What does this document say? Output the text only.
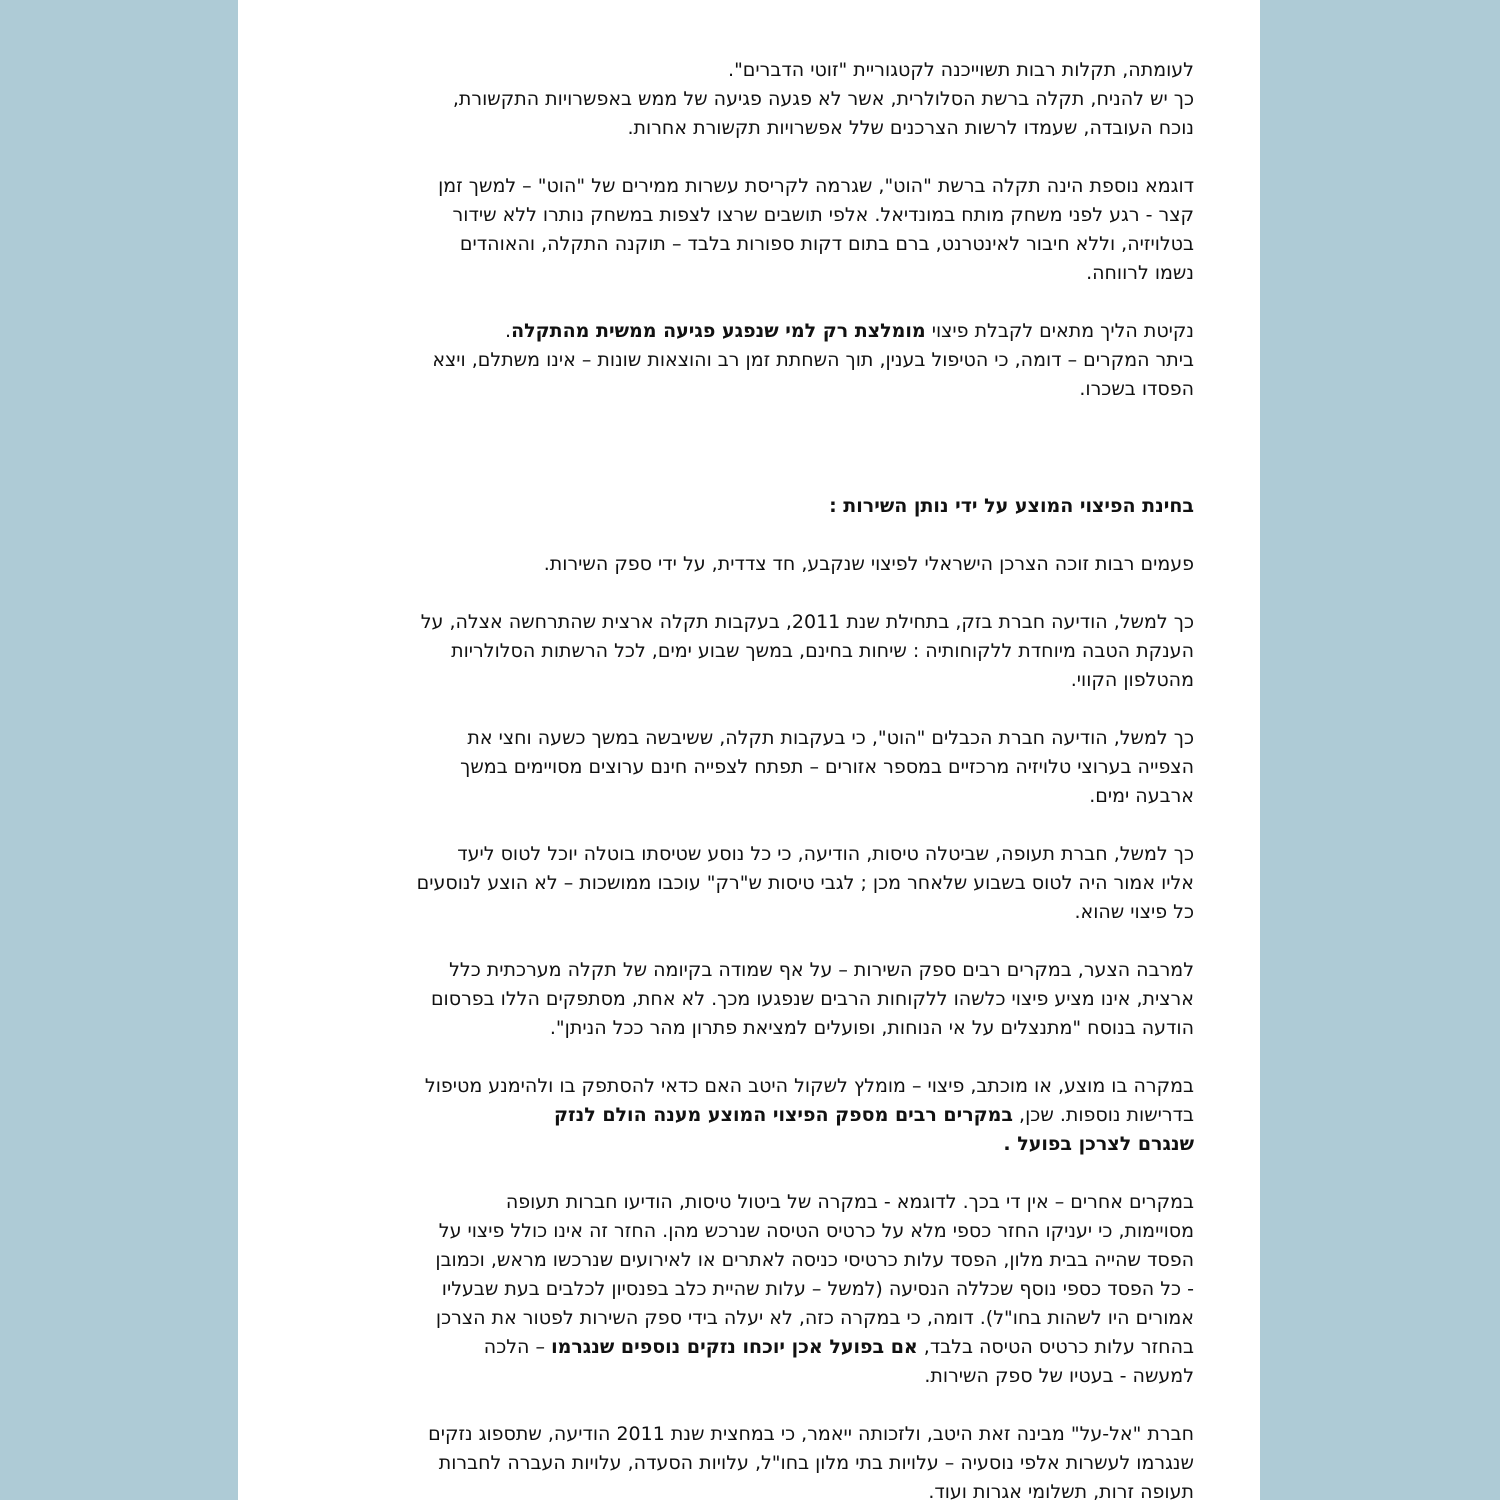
לעומתה, תקלות רבות תשוייכנה לקטגוריית "זוטי הדברים".
כך יש להניח, תקלה ברשת הסלולרית, אשר לא פגעה פגיעה של ממש באפשרויות התקשורת,
נוכח העובדה, שעמדו לרשות הצרכנים שלל אפשרויות תקשורת אחרות.

דוגמא נוספת הינה תקלה ברשת "הוט", שגרמה לקריסת עשרות ממירים של "הוט" – למשך זמן
קצר - רגע לפני משחק מותח במונדיאל. אלפי תושבים שרצו לצפות במשחק נותרו ללא שידור
בטלויזיה, וללא חיבור לאינטרנט, ברם בתום דקות ספורות בלבד – תוקנה התקלה, והאוהדים
נשמו לרווחה.

נקיטת הליך מתאים לקבלת פיצוי מומלצת רק למי שנפגע פגיעה ממשית מהתקלה.
ביתר המקרים – דומה, כי הטיפול בענין, תוך השחתת זמן רב והוצאות שונות – אינו משתלם, ויצא
הפסדו בשכרו.

בחינת הפיצוי המוצע על ידי נותן השירות :

פעמים רבות זוכה הצרכן הישראלי לפיצוי שנקבע, חד צדדית, על ידי ספק השירות.

כך למשל, הודיעה חברת בזק, בתחילת שנת 2011, בעקבות תקלה ארצית שהתרחשה אצלה, על
הענקת הטבה מיוחדת ללקוחותיה : שיחות בחינם, במשך שבוע ימים, לכל הרשתות הסלולריות
מהטלפון הקווי.

כך למשל, הודיעה חברת הכבלים "הוט", כי בעקבות תקלה, ששיבשה במשך כשעה וחצי את
הצפייה בערוצי טלויזיה מרכזיים במספר אזורים – תפתח לצפייה חינם ערוצים מסויימים במשך
ארבעה ימים.

כך למשל, חברת תעופה, שביטלה טיסות, הודיעה, כי כל נוסע שטיסתו בוטלה יוכל לטוס ליעד
אליו אמור היה לטוס בשבוע שלאחר מכן ; לגבי טיסות ש"רק" עוכבו ממושכות – לא הוצע לנוסעים
כל פיצוי שהוא.

למרבה הצער, במקרים רבים ספק השירות – על אף שמודה בקיומה של תקלה מערכתית כלל
ארצית, אינו מציע פיצוי כלשהו ללקוחות הרבים שנפגעו מכך. לא אחת, מסתפקים הללו בפרסום
הודעה בנוסח "מתנצלים על אי הנוחות, ופועלים למציאת פתרון מהר ככל הניתן".

במקרה בו מוצע, או מוכתב, פיצוי – מומלץ לשקול היטב האם כדאי להסתפק בו ולהימנע מטיפול
בדרישות נוספות. שכן, במקרים רבים מספק הפיצוי המוצע מענה הולם לנזק
שנגרם לצרכן בפועל .

במקרים אחרים – אין די בכך. לדוגמא - במקרה של ביטול טיסות, הודיעו חברות תעופה
מסויימות, כי יעניקו החזר כספי מלא על כרטיס הטיסה שנרכש מהן. החזר זה אינו כולל פיצוי על
הפסד שהייה בבית מלון, הפסד עלות כרטיסי כניסה לאתרים או לאירועים שנרכשו מראש, וכמובן
- כל הפסד כספי נוסף שכללה הנסיעה (למשל – עלות שהיית כלב בפנסיון לכלבים בעת שבעליו
אמורים היו לשהות בחו"ל). דומה, כי במקרה כזה, לא יעלה בידי ספק השירות לפטור את הצרכן
בהחזר עלות כרטיס הטיסה בלבד, אם בפועל אכן יוכחו נזקים נוספים שנגרמו – הלכה
למעשה - בעטיו של ספק השירות.

חברת "אל-על" מבינה זאת היטב, ולזכותה ייאמר, כי במחצית שנת 2011 הודיעה, שתספוג נזקים
שנגרמו לעשרות אלפי נוסעיה – עלויות בתי מלון בחו"ל, עלויות הסעדה, עלויות העברה לחברות
תעופה זרות, תשלומי אגרות ועוד.
